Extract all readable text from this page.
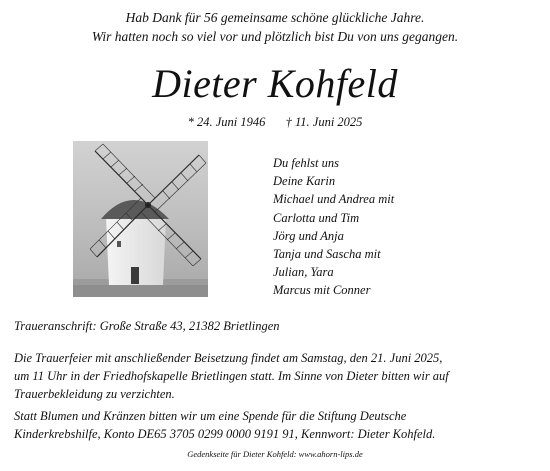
Hab Dank für 56 gemeinsame schöne glückliche Jahre.

Wir hatten noch so viel vor und plötzlich bist Du von uns gegangen.

Dieter Kohfeld
* 24. Juni 1946 † 11. Juni 2025
Du fehlst uns
Deine Karin
Michael und Andrea mit
Carlotta und Tim
Jörg und Anja
Tanja und Sascha mit
Julian, Yara
Marcus mit Conner

Traueranschrift: Große Straße 43, 21382 Brietlingen

Die Trauerfeier mit anschließender Beisetzung findet am Samstag, den 21. Juni 2025,
um 11 Uhr in der Friedhofskapelle Brietlingen statt. Im Sinne von Dieter bitten wir auf
Trauerbekleidung zu verzichten.
Statt Blumen und Kränzen bitten wir um eine Spende für die Stiftung Deutsche
Kinderkrebshilfe, Konto DE65 3705 0299 0000 9191 91, Kennwort: Dieter Kohfeld.

Gedenkseite für Dieter Kohfeld: www.ahorn-lips.de
